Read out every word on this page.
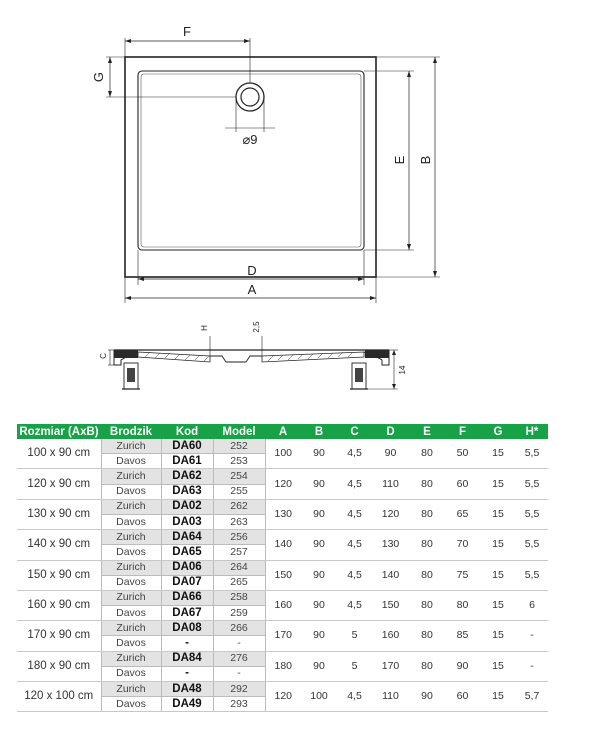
F
G
⌀9
E B
D
A
H	2,5
C
14
Rozmiar (AxB)	Brodzik	Kod	Model	A	B	C	D	E	F	G	H*
100 x 90 cm	Zurich	DA60	252	100	90	4,5	90	80	50	15	5,5
	Davos	DA61	253								
120 x 90 cm	Zurich	DA62	254	120	90	4,5	110	80	60	15	5,5
	Davos	DA63	255								
130 x 90 cm	Zurich	DA02	262	130	90	4,5	120	80	65	15	5,5
	Davos	DA03	263								
140 x 90 cm	Zurich	DA64	256	140	90	4,5	130	80	70	15	5,5
	Davos	DA65	257								
150 x 90 cm	Zurich	DA06	264	150	90	4,5	140	80	75	15	5,5
	Davos	DA07	265								
160 x 90 cm	Zurich	DA66	258	160	90	4,5	150	80	80	15	6
	Davos	DA67	259								
170 x 90 cm	Zurich	DA08	266	170	90	5	160	80	85	15	-
	Davos	-	-								
180 x 90 cm	Zurich	DA84	276	180	90	5	170	80	90	15	-
	Davos	-	-								
120 x 100 cm	Zurich	DA48	292	120	100	4,5	110	90	60	15	5,7
	Davos	DA49	293								
